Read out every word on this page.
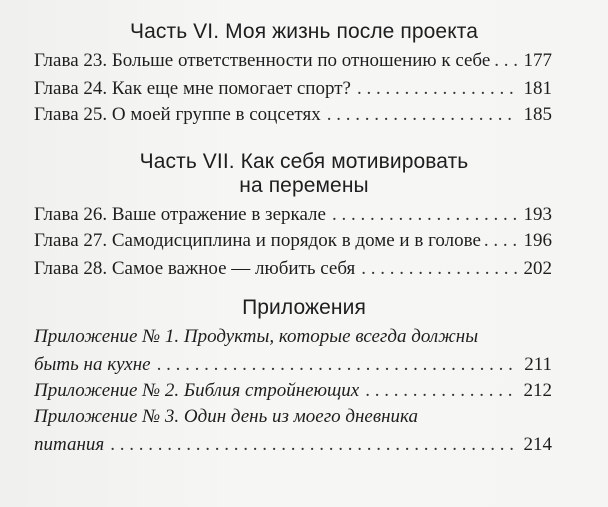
Часть VI. Моя жизнь после проекта
Глава 23. Больше ответственности по отношению к себе . . . 177
Глава 24. Как еще мне помогает спорт? . . .	181
Глава 25. О моей группе в соцсетях . . .	185
Часть VII. Как себя мотивировать
на перемены
Глава 26. Ваше отражение в зеркале . . .	193
Глава 27. Самодисциплина и порядок в доме и в голове . . . 196
Глава 28. Самое важное — любить себя . . .	202
Приложения
Приложение № 1. Продукты, которые всегда должны
быть на кухне . . .	211
Приложение № 2. Библия стройнеющих . . .	212
Приложение № 3. Один день из моего дневника
питания . . .	214
